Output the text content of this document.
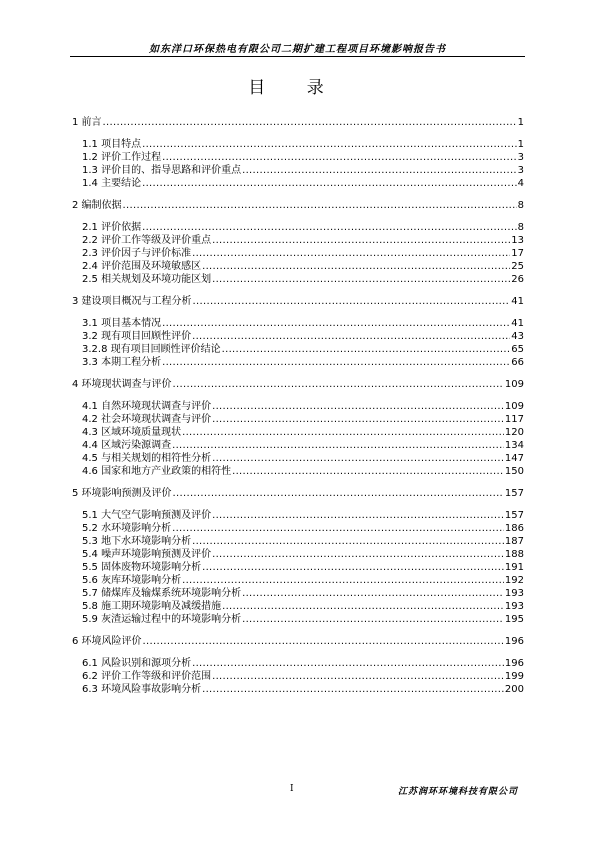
如东洋口环保热电有限公司二期扩建工程项目环境影响报告书
目 录
1 前言 .....	1
1.1 项目特点 .....	1
1.2 评价工作过程 .....	3
1.3 评价目的、指导思路和评价重点 .....	3
1.4 主要结论 .....	4
2 编制依据 .....	8
2.1 评价依据 .....	8
2.2 评价工作等级及评价重点 .....	13
2.3 评价因子与评价标准 .....	17
2.4 评价范围及环境敏感区 .....	25
2.5 相关规划及环境功能区划 .....	26
3 建设项目概况与工程分析 .....	41
3.1 项目基本情况 .....	41
3.2 现有项目回顾性评价 .....	43
3.2.8 现有项目回顾性评价结论 .....	65
3.3 本期工程分析 .....	66
4 环境现状调查与评价 .....	109
4.1 自然环境现状调查与评价 .....	109
4.2 社会环境现状调查与评价 .....	117
4.3 区域环境质量现状 .....	120
4.4 区域污染源调查 .....	134
4.5 与相关规划的相符性分析 .....	147
4.6 国家和地方产业政策的相符性 .....	150
5 环境影响预测及评价 .....	157
5.1 大气空气影响预测及评价 .....	157
5.2 水环境影响分析 .....	186
5.3 地下水环境影响分析 .....	187
5.4 噪声环境影响预测及评价 .....	188
5.5 固体废物环境影响分析 .....	191
5.6 灰库环境影响分析 .....	192
5.7 储煤库及输煤系统环境影响分析 .....	193
5.8 施工期环境影响及减缓措施 .....	193
5.9 灰渣运输过程中的环境影响分析 .....	195
6 环境风险评价 .....	196
6.1 风险识别和源项分析 .....	196
6.2 评价工作等级和评价范围 .....	199
6.3 环境风险事故影响分析 .....	200
I	江苏润环环境科技有限公司
